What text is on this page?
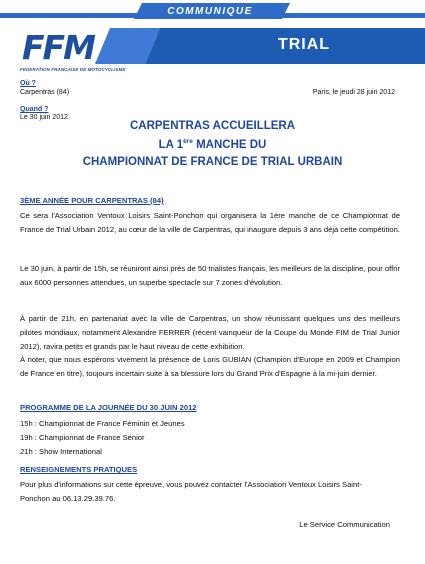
COMMUNIQUE
TRIAL
FFM
FEDERATION FRANCAISE DE MOTOCYCLISME
Où ?
Carpentras (84)
Quand ?
Le 30 juin 2012
Paris, le jeudi 28 juin 2012
CARPENTRAS ACCUEILLERA
LA 1ère MANCHE DU
CHAMPIONNAT DE FRANCE DE TRIAL URBAIN
3ÈME ANNÉE POUR CARPENTRAS (84)
Ce sera l'Association Ventoux Loisirs Saint-Ponchon qui organisera la 1ère manche de ce Championnat de France de Trial Urbain 2012, au cœur de la ville de Carpentras, qui inaugure depuis 3 ans déjà cette compétition.
Le 30 juin, à partir de 15h, se réuniront ainsi près de 50 trialistes français, les meilleurs de la discipline, pour offrir aux 6000 personnes attendues, un superbe spectacle sur 7 zones d'évolution.
À partir de 21h, en partenariat avec la ville de Carpentras, un show réunissant quelques uns des meilleurs pilotes mondiaux, notamment Alexandre FERRER (récent vainqueur de la Coupe du Monde FIM de Trial Junior 2012), ravira petits et grands par le haut niveau de cette exhibition.
À noter, que nous espérons vivement la présence de Loris GUBIAN (Champion d'Europe en 2009 et Champion de France en titre), toujours incertain suite à sa blessure lors du Grand Prix d'Espagne à la mi-juin dernier.
PROGRAMME DE LA JOURNÉE DU 30 JUIN 2012
15h : Championnat de France Féminin et Jeunes
19h : Championnat de France Sénior
21h : Show International
RENSEIGNEMENTS PRATIQUES
Pour plus d'informations sur cette épreuve, vous pouvez contacter l'Association Ventoux Loisirs Saint-Ponchon au 06.13.29.39.76.
Le Service Communication
